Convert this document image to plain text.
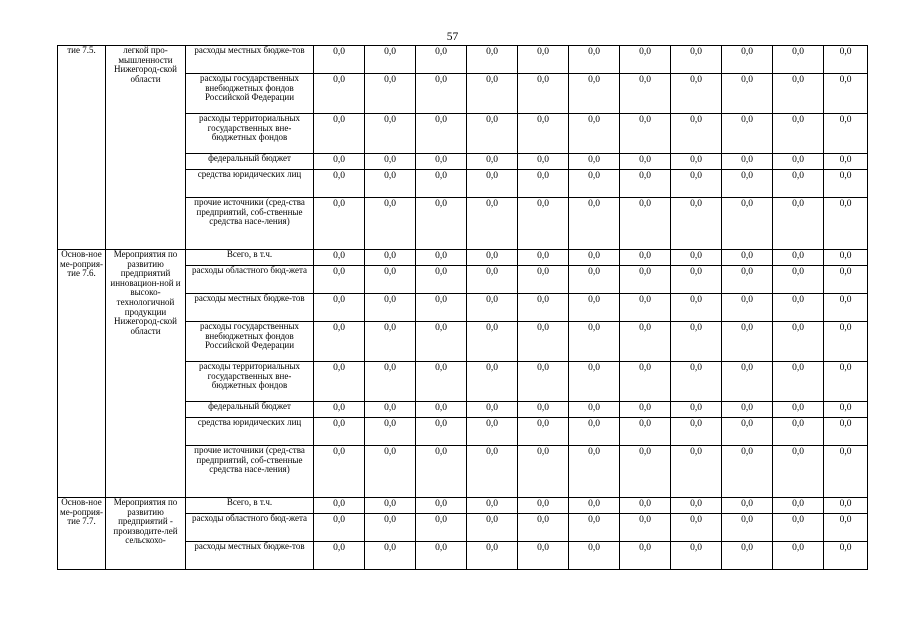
57
тие 7.5.	легкой про-мышленности Нижегород-ской области	расходы местных бюдже-тов	0,0	0,0	0,0	0,0	0,0	0,0	0,0	0,0	0,0	0,0	0,0
		расходы государственных внебюджетных фондов Российской Федерации	0,0	0,0	0,0	0,0	0,0	0,0	0,0	0,0	0,0	0,0	0,0
		расходы территориальных государственных вне-бюджетных фондов	0,0	0,0	0,0	0,0	0,0	0,0	0,0	0,0	0,0	0,0	0,0
		федеральный бюджет	0,0	0,0	0,0	0,0	0,0	0,0	0,0	0,0	0,0	0,0	0,0
		средства юридических лиц	0,0	0,0	0,0	0,0	0,0	0,0	0,0	0,0	0,0	0,0	0,0
		прочие источники (сред-ства предприятий, соб-ственные средства насе-ления)	0,0	0,0	0,0	0,0	0,0	0,0	0,0	0,0	0,0	0,0	0,0
Основ-ное ме-роприя-тие 7.6.	Мероприятия по развитию предприятий инновацион-ной и высоко-технологичной продукции Нижегород-ской области	Всего, в т.ч.	0,0	0,0	0,0	0,0	0,0	0,0	0,0	0,0	0,0	0,0	0,0
		расходы областного бюд-жета	0,0	0,0	0,0	0,0	0,0	0,0	0,0	0,0	0,0	0,0	0,0
		расходы местных бюдже-тов	0,0	0,0	0,0	0,0	0,0	0,0	0,0	0,0	0,0	0,0	0,0
		расходы государственных внебюджетных фондов Российской Федерации	0,0	0,0	0,0	0,0	0,0	0,0	0,0	0,0	0,0	0,0	0,0
		расходы территориальных государственных вне-бюджетных фондов	0,0	0,0	0,0	0,0	0,0	0,0	0,0	0,0	0,0	0,0	0,0
		федеральный бюджет	0,0	0,0	0,0	0,0	0,0	0,0	0,0	0,0	0,0	0,0	0,0
		средства юридических лиц	0,0	0,0	0,0	0,0	0,0	0,0	0,0	0,0	0,0	0,0	0,0
		прочие источники (сред-ства предприятий, соб-ственные средства насе-ления)	0,0	0,0	0,0	0,0	0,0	0,0	0,0	0,0	0,0	0,0	0,0
Основ-ное ме-роприя-тие 7.7.	Мероприятия по развитию предприятий - производите-лей сельскохо-	Всего, в т.ч.	0,0	0,0	0,0	0,0	0,0	0,0	0,0	0,0	0,0	0,0	0,0
		расходы областного бюд-жета	0,0	0,0	0,0	0,0	0,0	0,0	0,0	0,0	0,0	0,0	0,0
		расходы местных бюдже-тов	0,0	0,0	0,0	0,0	0,0	0,0	0,0	0,0	0,0	0,0	0,0
